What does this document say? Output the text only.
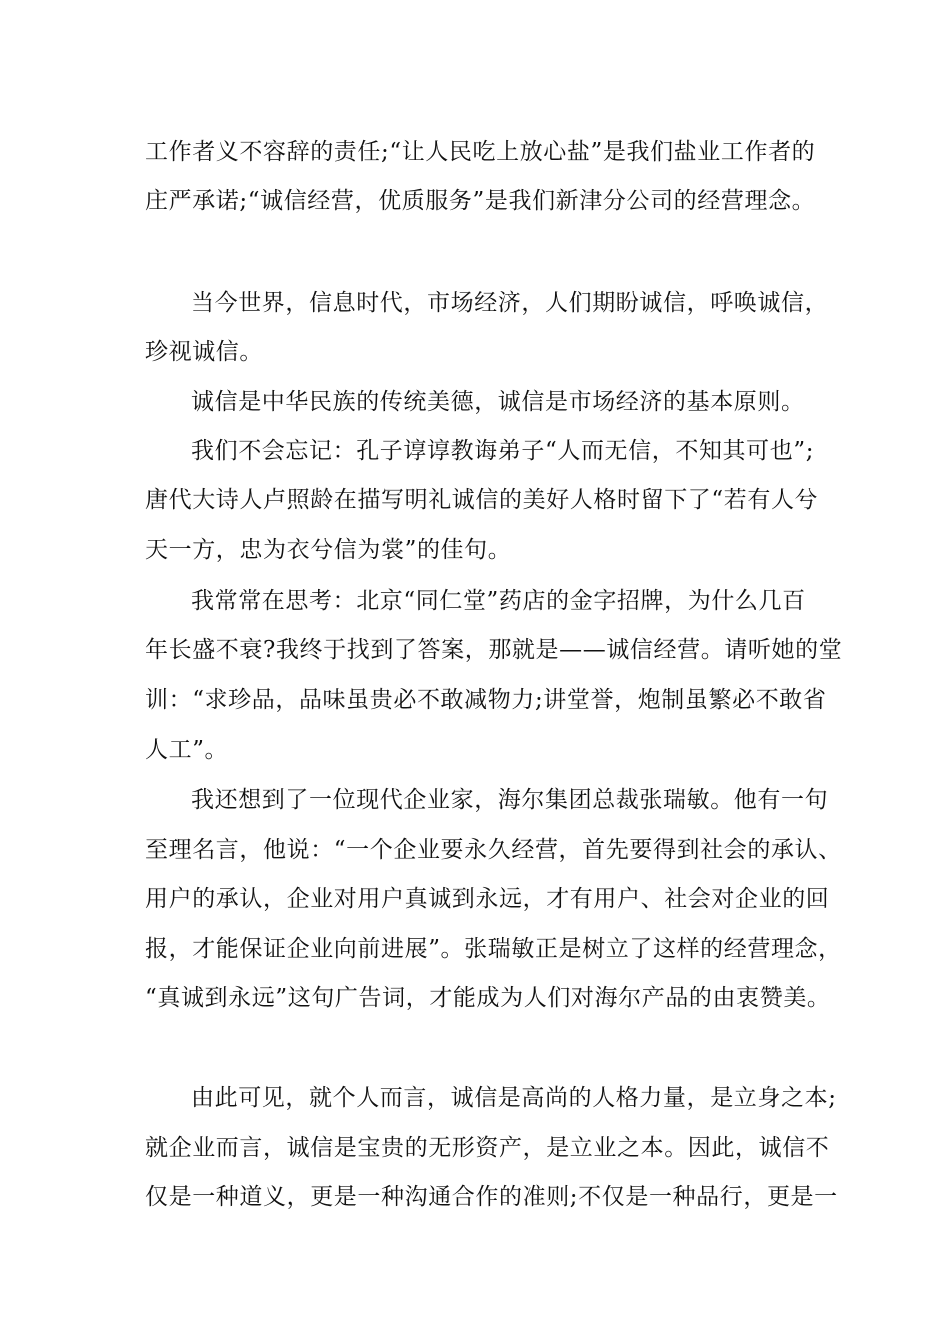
工作者义不容辞的责任;“让人民吃上放心盐”是我们盐业工作者的
庄严承诺;“诚信经营，优质服务”是我们新津分公司的经营理念。
当今世界，信息时代，市场经济，人们期盼诚信，呼唤诚信，
珍视诚信。
诚信是中华民族的传统美德，诚信是市场经济的基本原则。
我们不会忘记：孔子谆谆教诲弟子“人而无信，不知其可也”;
唐代大诗人卢照龄在描写明礼诚信的美好人格时留下了“若有人兮
天一方，忠为衣兮信为裳”的佳句。
我常常在思考：北京“同仁堂”药店的金字招牌，为什么几百
年长盛不衰?我终于找到了答案，那就是——诚信经营。请听她的堂
训：“求珍品，品味虽贵必不敢减物力;讲堂誉，炮制虽繁必不敢省
人工”。
我还想到了一位现代企业家，海尔集团总裁张瑞敏。他有一句
至理名言，他说：“一个企业要永久经营，首先要得到社会的承认、
用户的承认，企业对用户真诚到永远，才有用户、社会对企业的回
报，才能保证企业向前进展”。张瑞敏正是树立了这样的经营理念，
“真诚到永远”这句广告词，才能成为人们对海尔产品的由衷赞美。
由此可见，就个人而言，诚信是高尚的人格力量，是立身之本;
就企业而言，诚信是宝贵的无形资产，是立业之本。因此，诚信不
仅是一种道义，更是一种沟通合作的准则;不仅是一种品行，更是一
